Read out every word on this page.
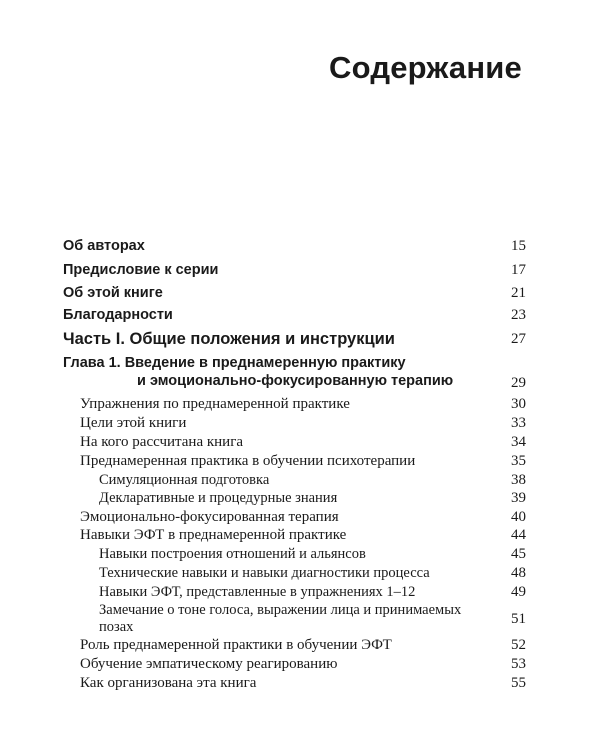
Содержание
Об авторах	15
Предисловие к серии	17
Об этой книге	21
Благодарности	23
Часть I. Общие положения и инструкции	27
Глава 1. Введение в преднамеренную практику
и эмоционально-фокусированную терапию	29
Упражнения по преднамеренной практике	30
Цели этой книги	33
На кого рассчитана книга	34
Преднамеренная практика в обучении психотерапии	35
Симуляционная подготовка	38
Декларативные и процедурные знания	39
Эмоционально-фокусированная терапия	40
Навыки ЭФТ в преднамеренной практике	44
Навыки построения отношений и альянсов	45
Технические навыки и навыки диагностики процесса	48
Навыки ЭФТ, представленные в упражнениях 1–12	49
Замечание о тоне голоса, выражении лица и принимаемых
позах	51
Роль преднамеренной практики в обучении ЭФТ	52
Обучение эмпатическому реагированию	53
Как организована эта книга	55
